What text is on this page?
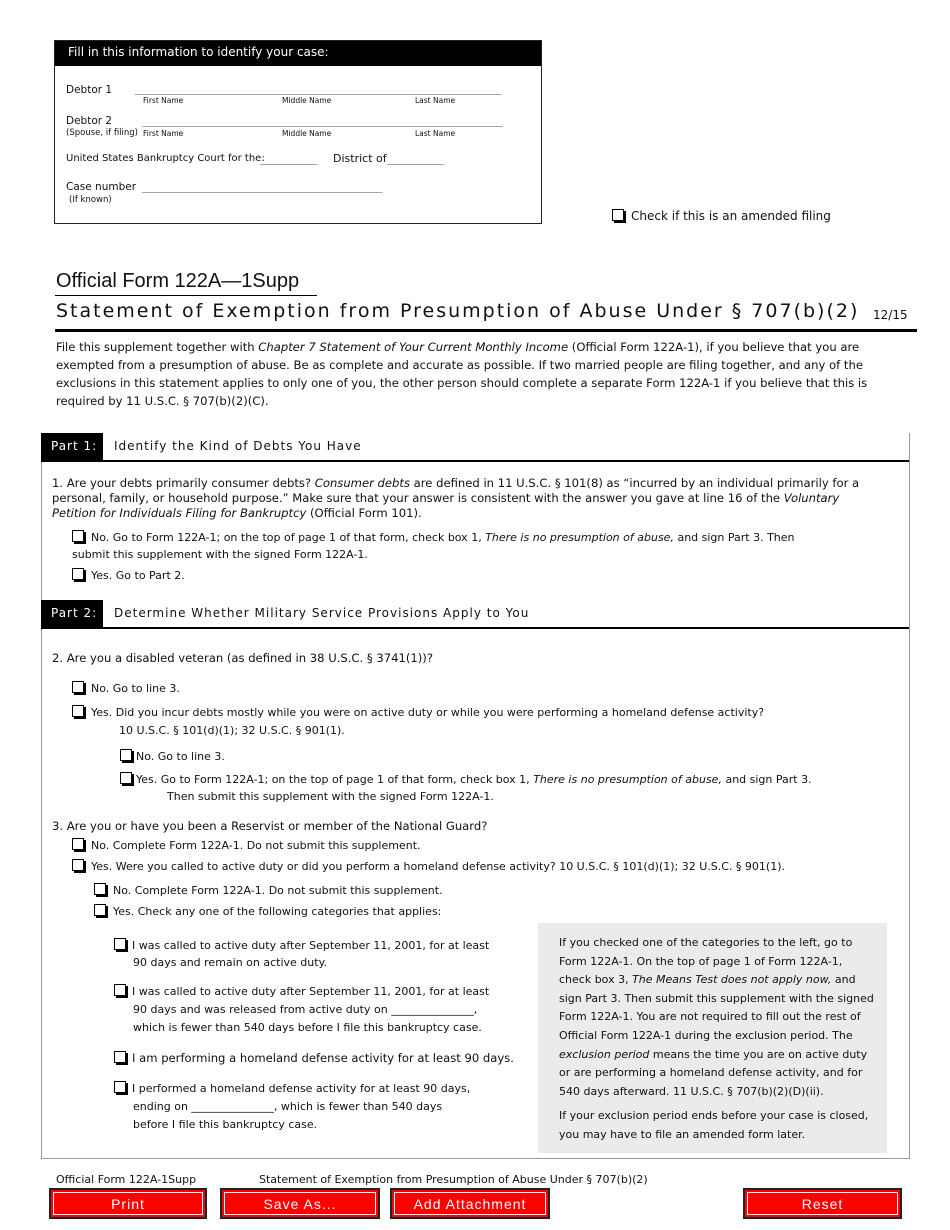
Fill in this information to identify your case:
Debtor 1 ________________________________________________________________
First Name	Middle Name	Last Name
Debtor 2
(Spouse, if filing)
_______________________________________________________________
First Name	Middle Name	Last Name
United States Bankruptcy Court for the:
__________ District of __________
Case number
(If known)
__________________________________________
Check if this is an amended filing
Official Form 122A—1Supp
Statement of Exemption from Presumption of Abuse Under § 707(b)(2) 12/15
File this supplement together with Chapter 7 Statement of Your Current Monthly Income (Official Form 122A-1), if you believe that you are exempted from a presumption of abuse. Be as complete and accurate as possible. If two married people are filing together, and any of the exclusions in this statement applies to only one of you, the other person should complete a separate Form 122A-1 if you believe that this is required by 11 U.S.C. § 707(b)(2)(C).
Part 1:	Identify the Kind of Debts You Have
1. Are your debts primarily consumer debts? Consumer debts are defined in 11 U.S.C. § 101(8) as “incurred by an individual primarily for a personal, family, or household purpose.” Make sure that your answer is consistent with the answer you gave at line 16 of the Voluntary Petition for Individuals Filing for Bankruptcy (Official Form 101).
No. Go to Form 122A-1; on the top of page 1 of that form, check box 1, There is no presumption of abuse, and sign Part 3. Then submit this supplement with the signed Form 122A-1.
Yes. Go to Part 2.
Part 2:	Determine Whether Military Service Provisions Apply to You
2. Are you a disabled veteran (as defined in 38 U.S.C. § 3741(1))?
No. Go to line 3.
Yes. Did you incur debts mostly while you were on active duty or while you were performing a homeland defense activity?
10 U.S.C. § 101(d)(1); 32 U.S.C. § 901(1).
No. Go to line 3.
Yes. Go to Form 122A-1; on the top of page 1 of that form, check box 1, There is no presumption of abuse, and sign Part 3.
Then submit this supplement with the signed Form 122A-1.
3. Are you or have you been a Reservist or member of the National Guard?
No. Complete Form 122A-1. Do not submit this supplement.
Yes. Were you called to active duty or did you perform a homeland defense activity? 10 U.S.C. § 101(d)(1); 32 U.S.C. § 901(1).
No. Complete Form 122A-1. Do not submit this supplement.
Yes. Check any one of the following categories that applies:
I was called to active duty after September 11, 2001, for at least
90 days and remain on active duty.
I was called to active duty after September 11, 2001, for at least
90 days and was released from active duty on _______________,
which is fewer than 540 days before I file this bankruptcy case.
I am performing a homeland defense activity for at least 90 days.
I performed a homeland defense activity for at least 90 days,
ending on _______________, which is fewer than 540 days
before I file this bankruptcy case.

If you checked one of the categories to the left, go to Form 122A-1. On the top of page 1 of Form 122A-1, check box 3, The Means Test does not apply now, and sign Part 3. Then submit this supplement with the signed Form 122A-1. You are not required to fill out the rest of Official Form 122A-1 during the exclusion period. The exclusion period means the time you are on active duty or are performing a homeland defense activity, and for 540 days afterward. 11 U.S.C. § 707(b)(2)(D)(ii).

If your exclusion period ends before your case is closed, you may have to file an amended form later.

Official Form 122A-1Supp	Statement of Exemption from Presumption of Abuse Under § 707(b)(2)
Print	Save As...	Add Attachment	Reset
